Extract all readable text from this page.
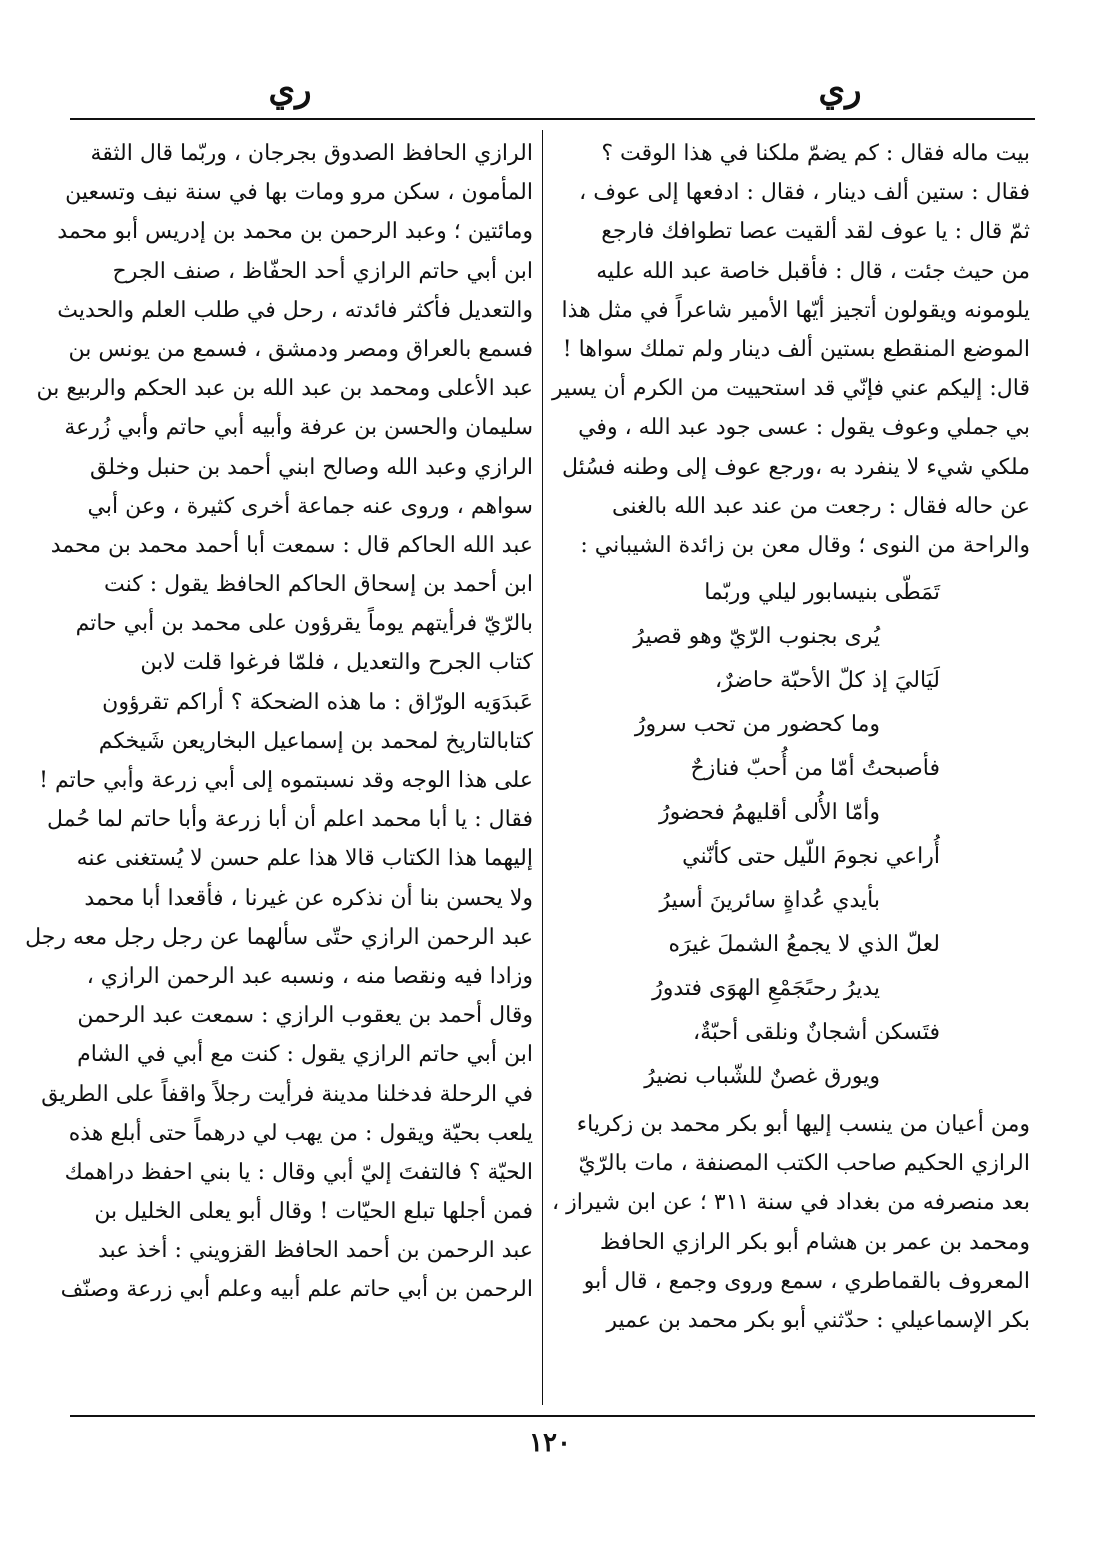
ري
ري
بيت ماله فقال : كم يضمّ ملكنا في هذا الوقت ؟
فقال : ستين ألف دينار ، فقال : ادفعها إلى عوف ،
ثمّ قال : يا عوف لقد ألقيت عصا تطوافك فارجع
من حيث جئت ، قال : فأقبل خاصة عبد الله عليه
يلومونه ويقولون أتجيز أيّها الأمير شاعراً في مثل هذا
الموضع المنقطع بستين ألف دينار ولم تملك سواها !
قال: إليكم عني فإنّي قد استحييت من الكرم أن يسير
بي جملي وعوف يقول : عسى جود عبد الله ، وفي
ملكي شيء لا ينفرد به ،ورجع عوف إلى وطنه فسُئل
عن حاله فقال : رجعت من عند عبد الله بالغنى
والراحة من النوى ؛ وقال معن بن زائدة الشيباني :
تَمَطّى بنيسابور ليلي وربّما
يُرى بجنوب الرّيّ وهو قصيرُ
لَيَاليَ إذ كلّ الأحبّة حاضرٌ،
وما كحضور من تحب سرورُ
فأصبحتُ أمّا من أُحبّ فنازحٌ
وأمّا الأُلى أقليهمُ فحضورُ
أُراعي نجومَ اللّيل حتى كأنّني
بأيدي عُداةٍ سائرينَ أسيرُ
لعلّ الذي لا يجمعُ الشملَ غيرَه
يديرُ رحىًجَمْعِ الهوَى فتدورُ
فتَسكن أشجانٌ ونلقى أحبّةٌ،
ويورق غصنٌ للشّباب نضيرُ
ومن أعيان من ينسب إليها أبو بكر محمد بن زكرياء
الرازي الحكيم صاحب الكتب المصنفة ، مات بالرّيّ
بعد منصرفه من بغداد في سنة ٣١١ ؛ عن ابن شيراز ،
ومحمد بن عمر بن هشام أبو بكر الرازي الحافظ
المعروف بالقماطري ، سمع وروى وجمع ، قال أبو
بكر الإسماعيلي : حدّثني أبو بكر محمد بن عمير
الرازي الحافظ الصدوق بجرجان ، وربّما قال الثقة
المأمون ، سكن مرو ومات بها في سنة نيف وتسعين
ومائتين ؛ وعبد الرحمن بن محمد بن إدريس أبو محمد
ابن أبي حاتم الرازي أحد الحفّاظ ، صنف الجرح
والتعديل فأكثر فائدته ، رحل في طلب العلم والحديث
فسمع بالعراق ومصر ودمشق ، فسمع من يونس بن
عبد الأعلى ومحمد بن عبد الله بن عبد الحكم والربيع بن
سليمان والحسن بن عرفة وأبيه أبي حاتم وأبي زُرعة
الرازي وعبد الله وصالح ابني أحمد بن حنبل وخلق
سواهم ، وروى عنه جماعة أخرى كثيرة ، وعن أبي
عبد الله الحاكم قال : سمعت أبا أحمد محمد بن محمد
ابن أحمد بن إسحاق الحاكم الحافظ يقول : كنت
بالرّيّ فرأيتهم يوماً يقرؤون على محمد بن أبي حاتم
كتاب الجرح والتعديل ، فلمّا فرغوا قلت لابن
عَبدَوَيه الورّاق : ما هذه الضحكة ؟ أراكم تقرؤون
كتابالتاريخ لمحمد بن إسماعيل البخاريعن شَيخكم
على هذا الوجه وقد نسبتموه إلى أبي زرعة وأبي حاتم !
فقال : يا أبا محمد اعلم أن أبا زرعة وأبا حاتم لما حُمل
إليهما هذا الكتاب قالا هذا علم حسن لا يُستغنى عنه
ولا يحسن بنا أن نذكره عن غيرنا ، فأقعدا أبا محمد
عبد الرحمن الرازي حتّى سألهما عن رجل رجل معه رجل
وزادا فيه ونقصا منه ، ونسبه عبد الرحمن الرازي ،
وقال أحمد بن يعقوب الرازي : سمعت عبد الرحمن
ابن أبي حاتم الرازي يقول : كنت مع أبي في الشام
في الرحلة فدخلنا مدينة فرأيت رجلاً واقفاً على الطريق
يلعب بحيّة ويقول : من يهب لي درهماً حتى أبلع هذه
الحيّة ؟ فالتفتَ إليّ أبي وقال : يا بني احفظ دراهمك
فمن أجلها تبلع الحيّات ! وقال أبو يعلى الخليل بن
عبد الرحمن بن أحمد الحافظ القزويني : أخذ عبد
الرحمن بن أبي حاتم علم أبيه وعلم أبي زرعة وصنّف
١٢٠
